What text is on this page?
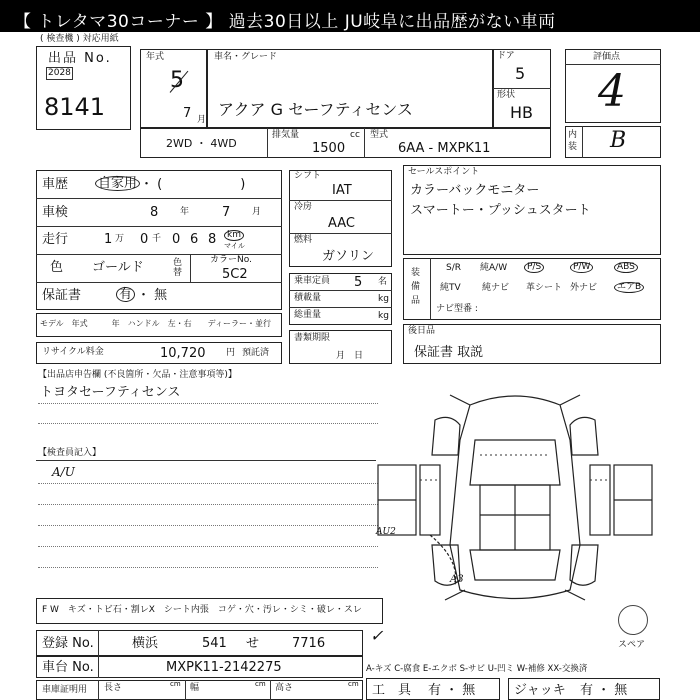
【 トレタマ30コーナー 】 過去30日以上 JU岐阜に出品歴がない車両
( 検查機 ) 対応用紙
出品 No.
2028
8141
年式
5
7 月
車名・グレード
アクア G セーフティセンス
ドア
5
形状
HB
評価点
4
内装 B
2WD ・ 4WD
排気量	cc
1500
型式
6AA - MXPK11
車歴 自家用 ・ (　　　　　　)
車検	8 年	7 月
走行	1 万 0 千 0 6 8	km
マイル
色 ゴールド	色替
カラーNo.
5C2
保証書	有 ・ 無
モデル　年式　　　年　ハンドル　左・右　　ディーラー・並行
リサイクル料金	10,720 円 預託済
シフト
IAT
冷房
AAC
燃料
ガソリン
乗車定員 5 名
積載量	kg
総重量	kg
書類期限
月　日
セールスポイント
カラーバックモニター
スマートー・プッシュスタート
装備品
S/R 純A/W	P/S	P/W	ABS
純TV 純ナビ 革シート 外ナビ	エアB
ナビ型番 :
後日品
保証書 取説
【出品店申告欄 (不良箇所・欠品・注意事項等)】
トヨタセーフティセンス
【検査員記入】
A/U
AU2
A3
スペア
F W　キズ・トビ石・割レX　シート内張　コゲ・穴・汚レ・シミ・破レ・スレ
登録 No.	横浜	541 せ	7716	✓
車台 No.	MXPK11-2142275
車庫証明用 長さ	cm 幅	cm 高さ	cm
A-キズ C-腐食 E-エクボ S-サビ U-凹ミ W-補修 XX-交換済
工　具 有 ・ 無	ジャッキ 有 ・ 無
